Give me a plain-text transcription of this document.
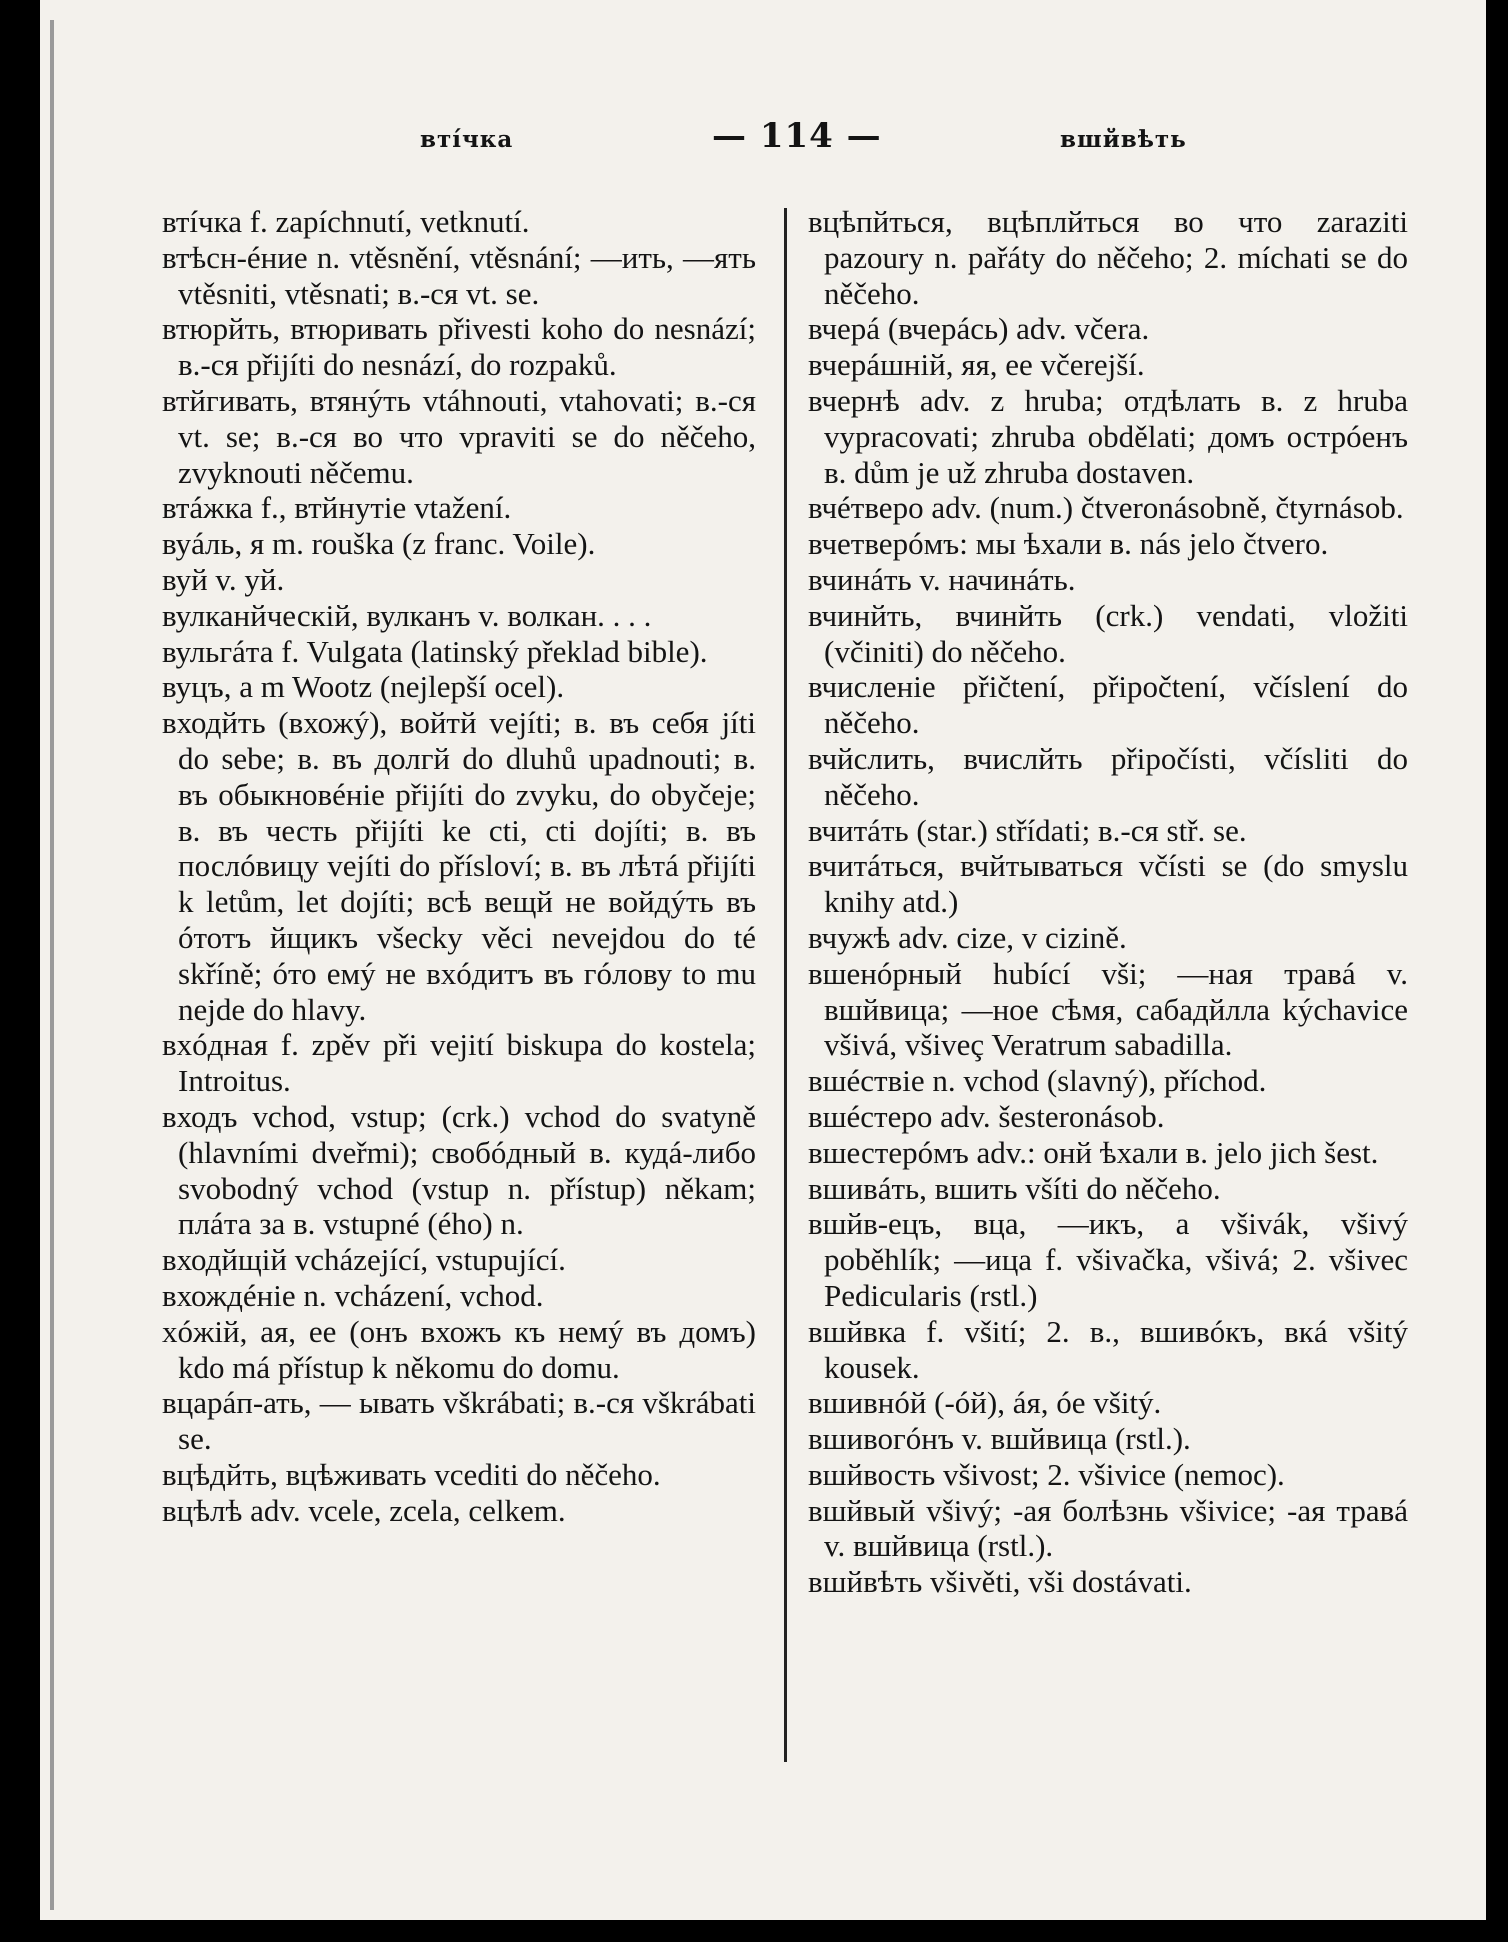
втíчка	— 114 —	вшйвѣть

втíчка f. zapíchnutí, vetknutí.

втѣсн-éние n. vtěsnění, vtěsnání; —ить, —ять vtěsniti, vtěsnati; в.-ся vt. se.

втюрйть, втюривать přivesti koho do nesnází; в.-ся přijíti do nesnází, do rozpaků.

втйгивать, втянýть vtáhnouti, vtahovati; в.-ся vt. se; в.-ся во что vpraviti se do něčeho, zvyknouti něčemu.

втáжка f., втйнутіе vtažení.

вуáль, я m. rouška (z franc. Voile).

вуй v. уй.

вулканйческій, вулканъ v. волкан. . . .

вульгáта f. Vulgata (latinský překlad bible).

вуцъ, а m Wootz (nejlepší ocel).

входйть (вхожý), войтй vejíti; в. въ себя jíti do sebe; в. въ долгй do dluhů upadnouti; в. въ обыкновéніе přijíti do zvyku, do obyčeje; в. въ честь přijíti ke cti, cti dojíti; в. въ послóвицу vejíti do přísloví; в. въ лѣтá přijíti k letům, let dojíti; всѣ вещй не войдýть въ óтотъ йщикъ všecky věci nevejdou do té skříně; óто емý не вхóдитъ въ гóлову to mu nejde do hlavy.

вхóдная f. zpěv při vejití biskupa do kostela; Introitus.

входъ vchod, vstup; (crk.) vchod do svatyně (hlavními dveřmi); свобóдный в. кудá-либо svobodný vchod (vstup n. přístup) někam; плáта за в. vstupné (ého) n.

входйщій vcházející, vstupující.

вхождéніе n. vcházení, vchod.

хóжій, ая, ее (онъ вхожъ къ немý въ домъ) kdo má přístup k někomu do domu.

вцарáп-ать, — ывать vškrábati; в.-ся vškrábati se.

вцѣдйть, вцѣживать vcediti do něčeho.

вцѣлѣ adv. vcele, zcela, celkem.

вцѣпйться, вцѣплйться во что zaraziti pazoury n. pařáty do něčeho; 2. míchati se do něčeho.

вчерá (вчерáсь) adv. včera.

вчерáшній, яя, ее včerejší.

вчернѣ adv. z hruba; отдѣлать в. z hruba vypracovati; zhruba obdělati; домъ острóенъ в. dům je už zhruba dostaven.

вчéтверо adv. (num.) čtveronásobně, čtyrnásob.

вчетверóмъ: мы ѣхали в. nás jelo čtvero.

вчинáть v. начинáть.

вчинйть, вчинйть (crk.) vendati, vložiti (včiniti) do něčeho.

вчисленіе přičtení, připočtení, včíslení do něčeho.

вчйслить, вчислйть připočísti, včísliti do něčeho.

вчитáть (star.) střídati; в.-ся stř. se.

вчитáться, вчйтываться včísti se (do smyslu knihy atd.)

вчужѣ adv. cize, v cizině.

вшенóрный hubící vši; —ная травá v. вшйвица; —ное сѣмя, сабадйлла kýchavice všivá, všiveç Veratrum sabadilla.

вшéствіе n. vchod (slavný), příchod.

вшéстеро adv. šesteronásob.

вшестерóмъ adv.: онй ѣхали в. jelo jich šest.

вшивáть, вшить všíti do něčeho.

вшйв-ецъ, вца, —икъ, а všivák, všivý poběhlík; —ица f. všivačka, všivá; 2. všivec Pedicularis (rstl.)

вшйвка f. všití; 2. в., вшивóкъ, вкá všitý kousek.

вшивнóй (-óй), áя, óе všitý.

вшивогóнъ v. вшйвица (rstl.).

вшйвость všivost; 2. všivice (nemoc).

вшйвый všivý; -ая болѣзнь všivice; -ая травá v. вшйвица (rstl.).

вшйвѣть všivěti, vši dostávati.
